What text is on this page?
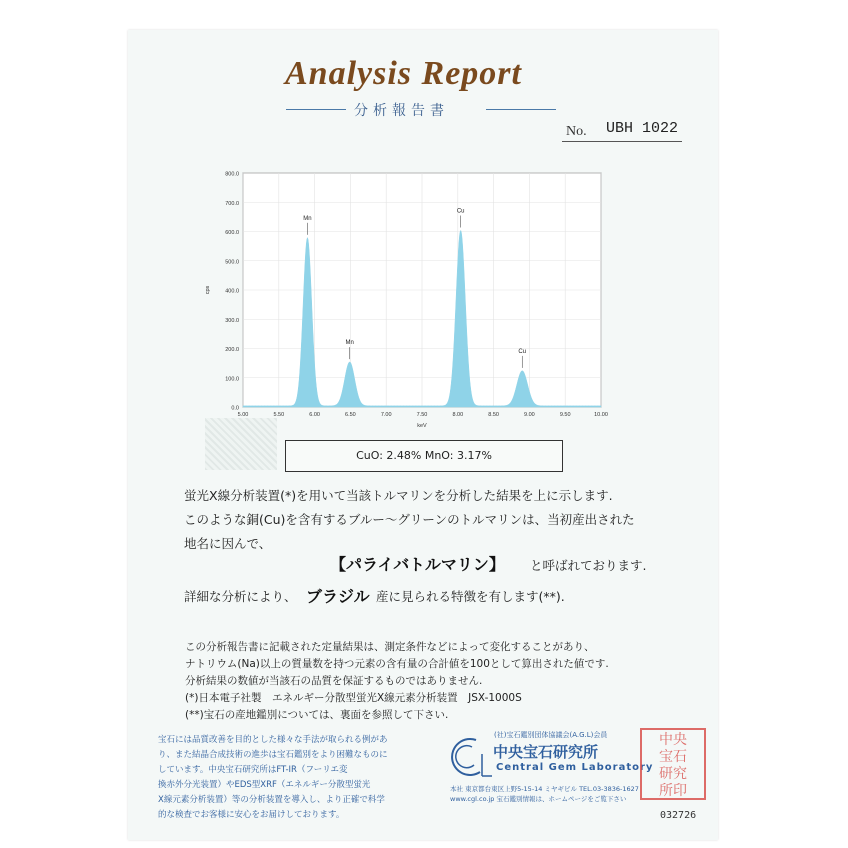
Analysis Report
分析報告書
No. UBH 1022
0.0
100.0
200.0
300.0
400.0
500.0
600.0
700.0
800.0
5.00	5.50	6.00	6.50	7.00	7.50	8.00	8.50	9.00	9.50	10.00
keV
cps
Mn
Mn
Cu
Cu
CuO: 2.48% MnO: 3.17%
蛍光X線分析装置(*)を用いて当該トルマリンを分析した結果を上に示します.
このような銅(Cu)を含有するブルー～グリーンのトルマリンは、当初産出された
地名に因んで、
【パライバトルマリン】 と呼ばれております.
詳細な分析により、 ブラジル 産に見られる特徴を有します(**).
この分析報告書に記載された定量結果は、測定条件などによって変化することがあり、
ナトリウム(Na)以上の質量数を持つ元素の含有量の合計値を100として算出された値です.
分析結果の数値が当該石の品質を保証するものではありません.
(*)日本電子社製　エネルギー分散型蛍光X線元素分析装置　JSX-1000S
(**)宝石の産地鑑別については、裏面を参照して下さい.
宝石には品質改善を目的とした様々な手法が取られる例があ
り、また結晶合成技術の進歩は宝石鑑別をより困難なものに
しています。中央宝石研究所はFT-IR（フーリエ変
換赤外分光装置）やEDS型XRF（エネルギー分散型蛍光
X線元素分析装置）等の分析装置を導入し、より正確で科学
的な検査でお客様に安心をお届けしております。
(社)宝石鑑別団体協議会(A.G.L)会員
中央宝石研究所
Central Gem Laboratory
本社 東京都台東区上野5-15-14 ミヤギビル TEL.03-3836-1627
www.cgl.co.jp 宝石鑑別情報は、ホームページをご覧下さい
中央
宝石
研究
所印
032726
